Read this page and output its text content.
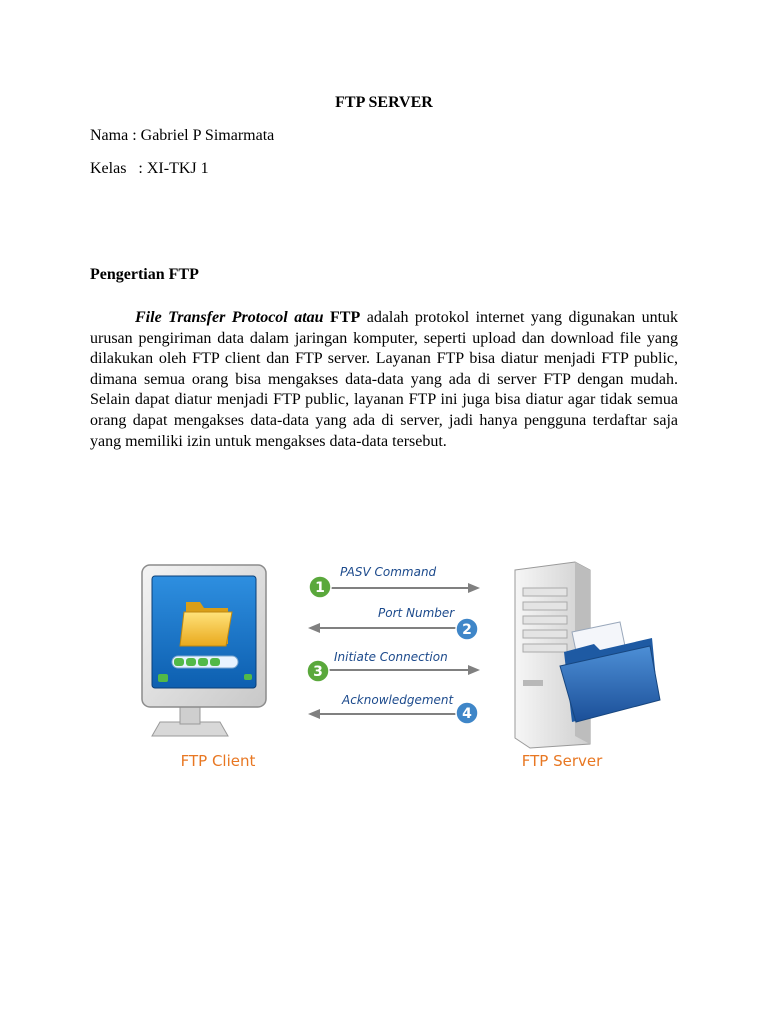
FTP SERVER
Nama : Gabriel P Simarmata
Kelas   : XI-TKJ 1
Pengertian FTP
File Transfer Protocol atau FTP adalah protokol internet yang digunakan untuk urusan pengiriman data dalam jaringan komputer, seperti upload dan download file yang dilakukan oleh FTP client dan FTP server. Layanan FTP bisa diatur menjadi FTP public, dimana semua orang bisa mengakses data-data yang ada di server FTP dengan mudah. Selain dapat diatur menjadi FTP public, layanan FTP ini juga bisa diatur agar tidak semua orang dapat mengakses data-data yang ada di server, jadi hanya pengguna terdaftar saja yang memiliki izin untuk mengakses data-data tersebut.
PASV Command
Port Number
Initiate Connection
Acknowledgement
1
2
3
4
FTP Client	FTP Server
